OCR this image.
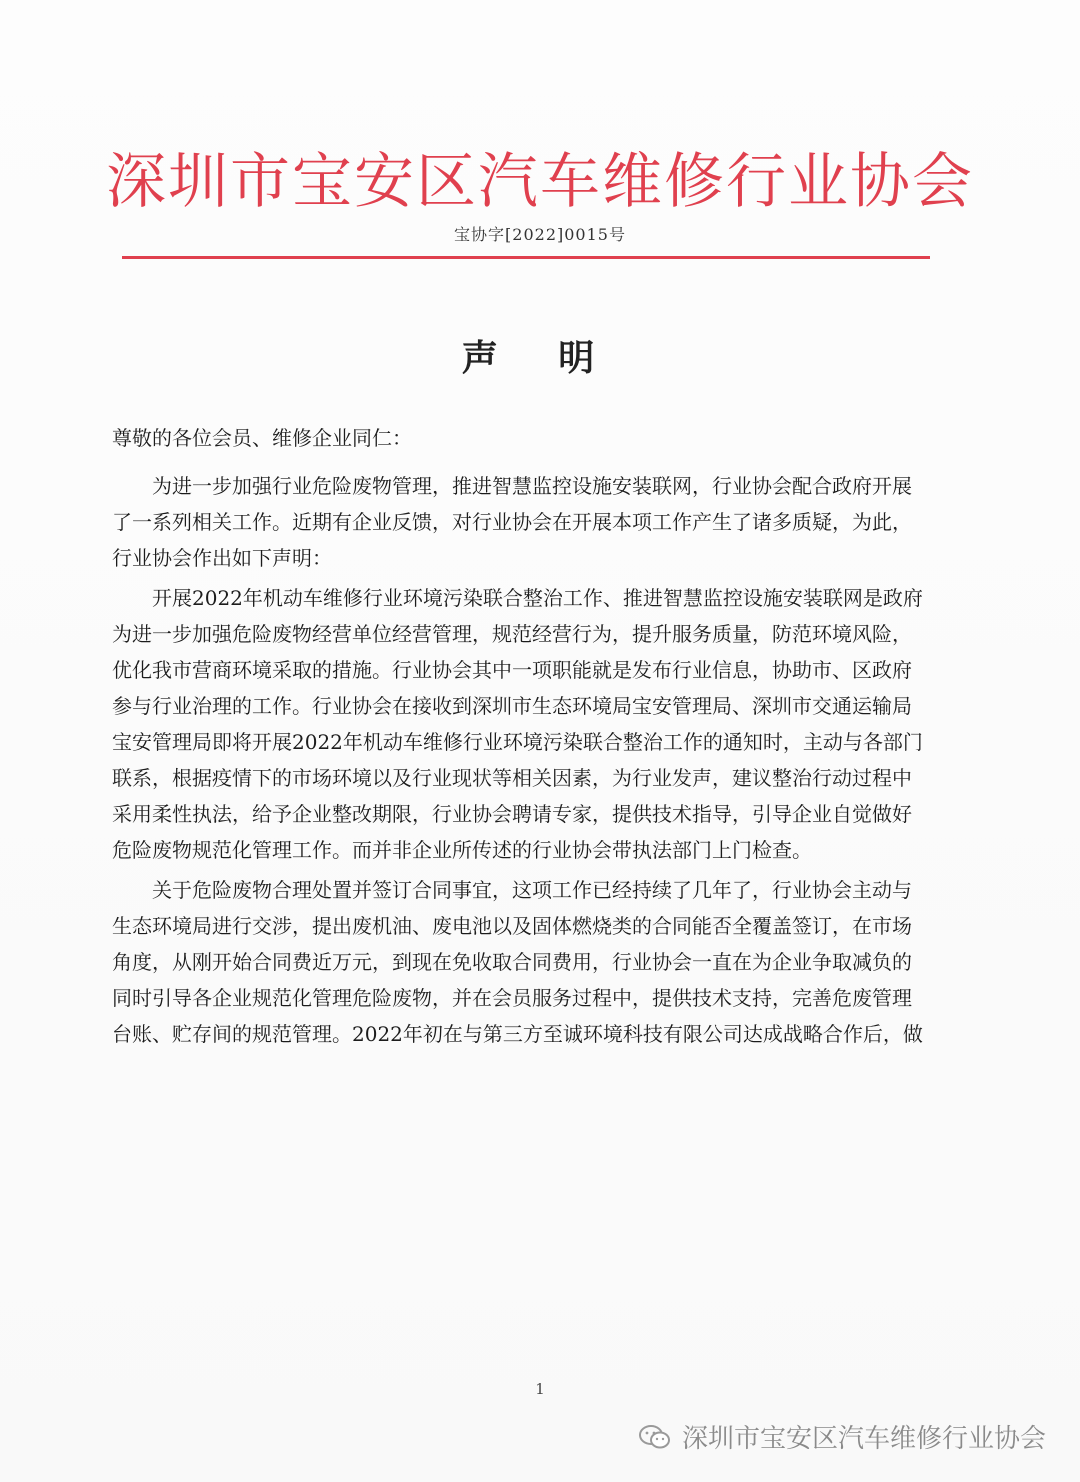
深圳市宝安区汽车维修行业协会
宝协字[2022]0015号
声 明

尊敬的各位会员、维修企业同仁：

为进一步加强行业危险废物管理，推进智慧监控设施安装联网，行业协会配合政府开展
了一系列相关工作。近期有企业反馈，对行业协会在开展本项工作产生了诸多质疑，为此，
行业协会作出如下声明：

开展2022年机动车维修行业环境污染联合整治工作、推进智慧监控设施安装联网是政府
为进一步加强危险废物经营单位经营管理，规范经营行为，提升服务质量，防范环境风险，
优化我市营商环境采取的措施。行业协会其中一项职能就是发布行业信息，协助市、区政府
参与行业治理的工作。行业协会在接收到深圳市生态环境局宝安管理局、深圳市交通运输局
宝安管理局即将开展2022年机动车维修行业环境污染联合整治工作的通知时，主动与各部门
联系，根据疫情下的市场环境以及行业现状等相关因素，为行业发声，建议整治行动过程中
采用柔性执法，给予企业整改期限，行业协会聘请专家，提供技术指导，引导企业自觉做好
危险废物规范化管理工作。而并非企业所传述的行业协会带执法部门上门检查。

关于危险废物合理处置并签订合同事宜，这项工作已经持续了几年了，行业协会主动与
生态环境局进行交涉，提出废机油、废电池以及固体燃烧类的合同能否全覆盖签订，在市场
角度，从刚开始合同费近万元，到现在免收取合同费用，行业协会一直在为企业争取减负的
同时引导各企业规范化管理危险废物，并在会员服务过程中，提供技术支持，完善危废管理
台账、贮存间的规范管理。2022年初在与第三方至诚环境科技有限公司达成战略合作后，做

1
深圳市宝安区汽车维修行业协会
